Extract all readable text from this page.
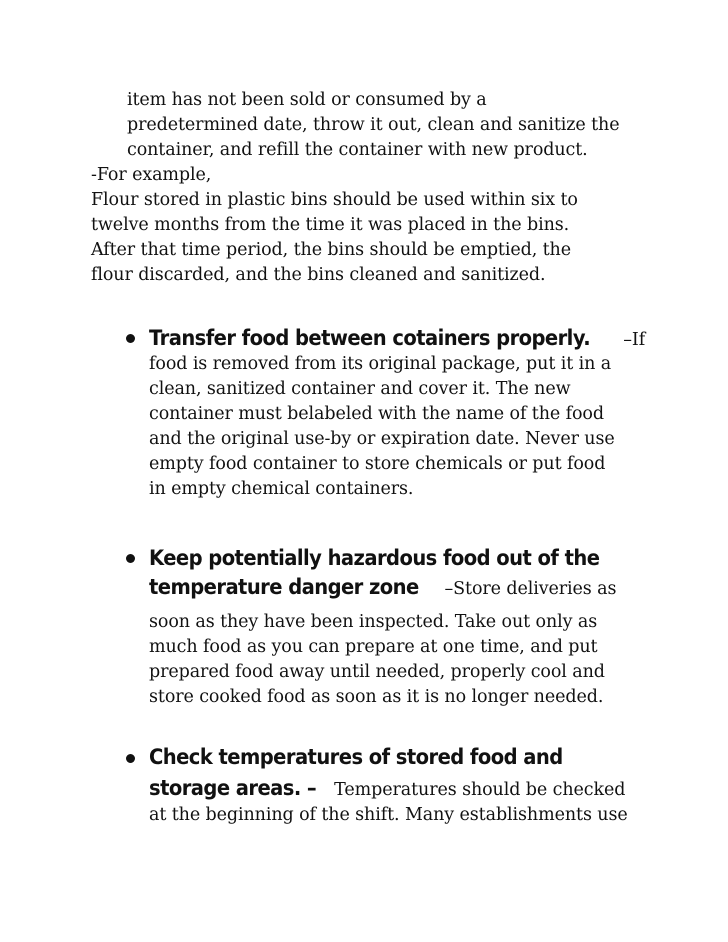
item has not been sold or consumed by a
predetermined date, throw it out, clean and sanitize the
container, and refill the container with new product.
-For example,
Flour stored in plastic bins should be used within six to
twelve months from the time it was placed in the bins.
After that time period, the bins should be emptied, the
flour discarded, and the bins cleaned and sanitized.
Transfer food between cotainers properly. –If
food is removed from its original package, put it in a
clean, sanitized container and cover it. The new
container must belabeled with the name of the food
and the original use-by or expiration date. Never use
empty food container to store chemicals or put food
in empty chemical containers.
Keep potentially hazardous food out of the
temperature danger zone –Store deliveries as
soon as they have been inspected. Take out only as
much food as you can prepare at one time, and put
prepared food away until needed, properly cool and
store cooked food as soon as it is no longer needed.
Check temperatures of stored food and
storage areas. – Temperatures should be checked
at the beginning of the shift. Many establishments use
